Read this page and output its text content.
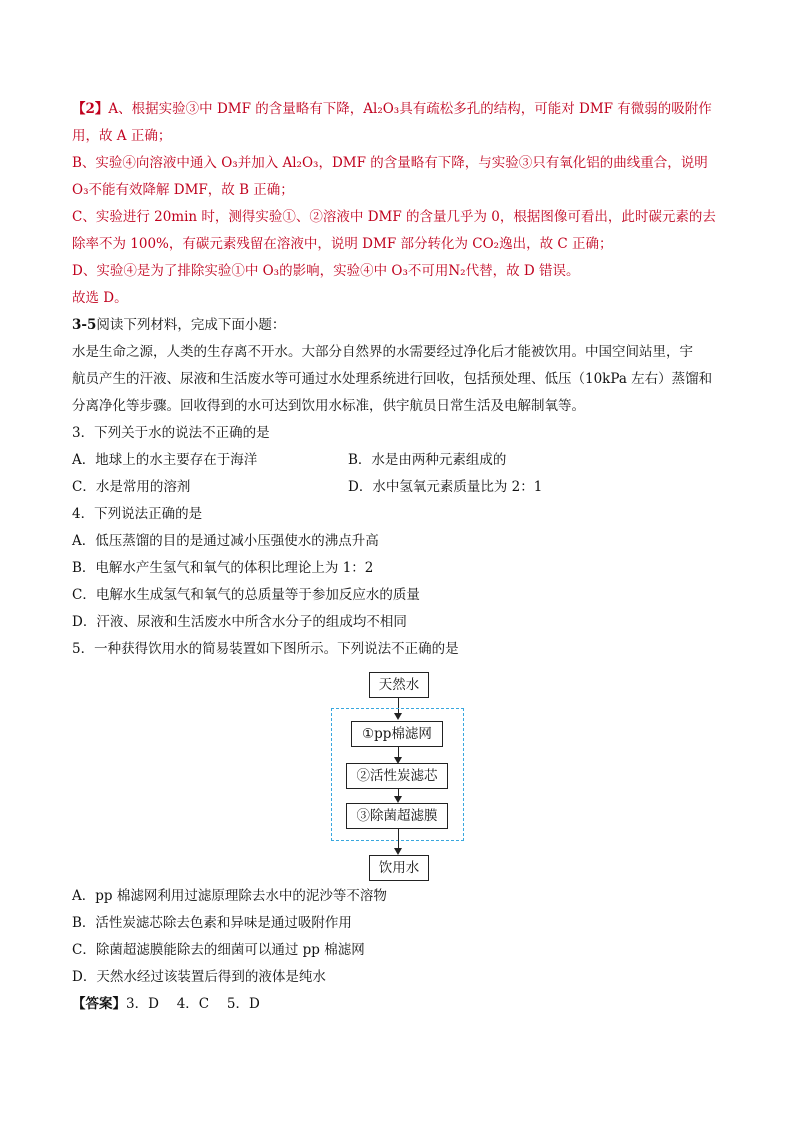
【2】A、根据实验③中 DMF 的含量略有下降，Al₂O₃具有疏松多孔的结构，可能对 DMF 有微弱的吸附作
用，故 A 正确；
B、实验④向溶液中通入 O₃并加入 Al₂O₃，DMF 的含量略有下降，与实验③只有氧化铝的曲线重合，说明
O₃不能有效降解 DMF，故 B 正确；
C、实验进行 20min 时，测得实验①、②溶液中 DMF 的含量几乎为 0，根据图像可看出，此时碳元素的去
除率不为 100%，有碳元素残留在溶液中，说明 DMF 部分转化为 CO₂逸出，故 C 正确；
D、实验④是为了排除实验①中 O₃的影响，实验④中 O₃不可用N₂代替，故 D 错误。
故选 D。
3-5阅读下列材料，完成下面小题：
水是生命之源，人类的生存离不开水。大部分自然界的水需要经过净化后才能被饮用。中国空间站里，宇
航员产生的汗液、尿液和生活废水等可通过水处理系统进行回收，包括预处理、低压（10kPa 左右）蒸馏和
分离净化等步骤。回收得到的水可达到饮用水标准，供宇航员日常生活及电解制氧等。
3．下列关于水的说法不正确的是
A．地球上的水主要存在于海洋	B．水是由两种元素组成的
C．水是常用的溶剂	D．水中氢氧元素质量比为 2：1
4．下列说法正确的是
A．低压蒸馏的目的是通过减小压强使水的沸点升高
B．电解水产生氢气和氧气的体积比理论上为 1：2
C．电解水生成氢气和氧气的总质量等于参加反应水的质量
D．汗液、尿液和生活废水中所含水分子的组成均不相同
5．一种获得饮用水的简易装置如下图所示。下列说法不正确的是
天然水
①pp棉滤网
②活性炭滤芯
③除菌超滤膜
饮用水
A．pp 棉滤网利用过滤原理除去水中的泥沙等不溶物
B．活性炭滤芯除去色素和异味是通过吸附作用
C．除菌超滤膜能除去的细菌可以通过 pp 棉滤网
D．天然水经过该装置后得到的液体是纯水
【答案】3．D　 4．C　 5．D
